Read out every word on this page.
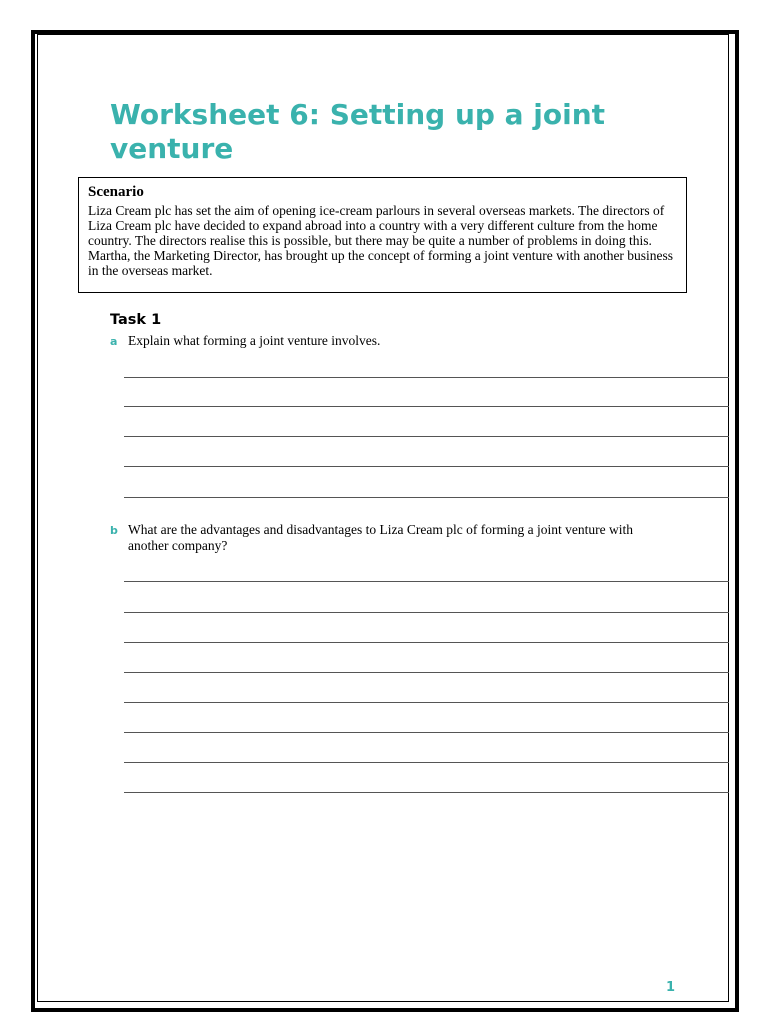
Worksheet 6: Setting up a joint venture

Scenario

Liza Cream plc has set the aim of opening ice-cream parlours in several overseas markets. The directors of Liza Cream plc have decided to expand abroad into a country with a very different culture from the home country. The directors realise this is possible, but there may be quite a number of problems in doing this.

Martha, the Marketing Director, has brought up the concept of forming a joint venture with another business in the overseas market.

Task 1
a Explain what forming a joint venture involves.
b What are the advantages and disadvantages to Liza Cream plc of forming a joint venture with another company?
1
